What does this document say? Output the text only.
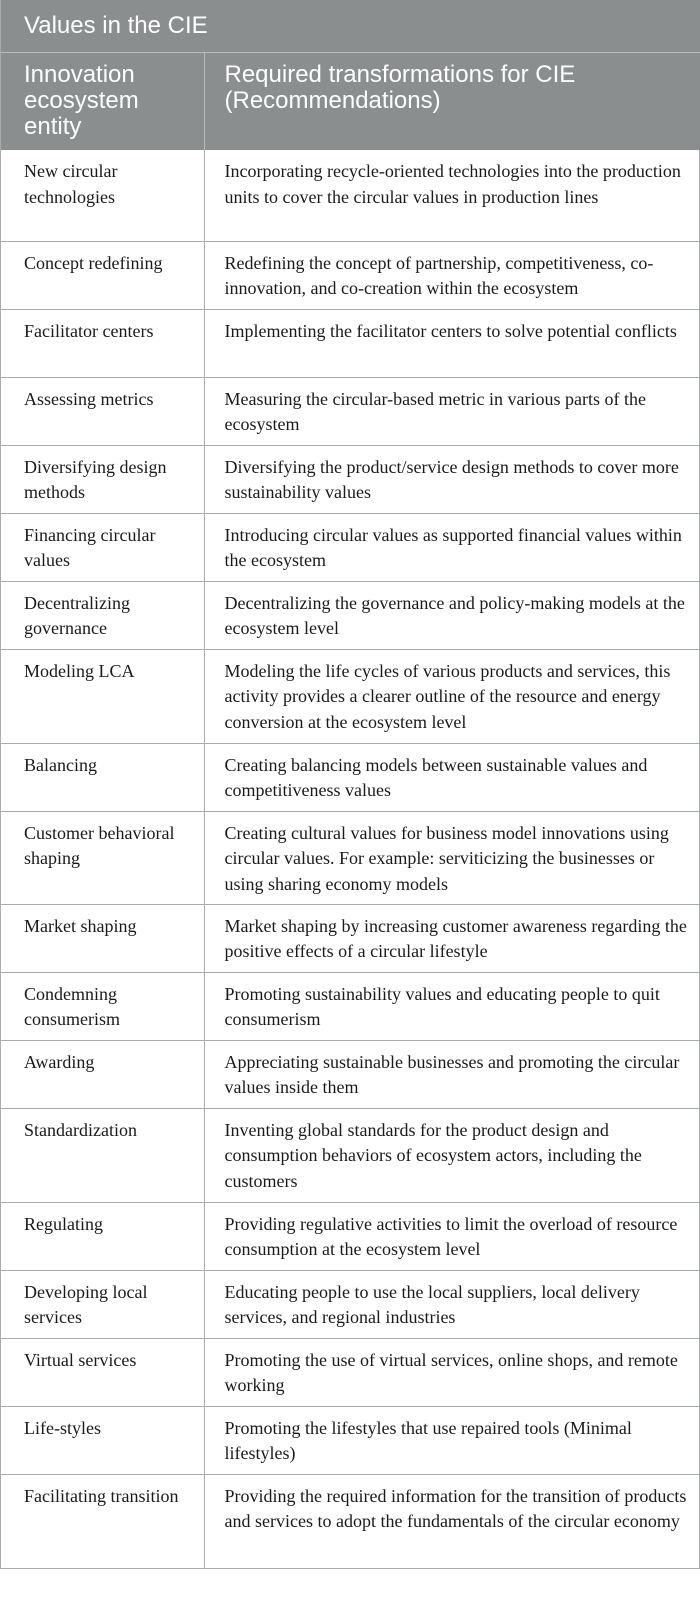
Values in the CIE	
Innovation ecosystem entity	Required transformations for CIE (Recommendations)
New circular technologies	Incorporating recycle-oriented technologies into the production units to cover the circular values in production lines
Concept redefining	Redefining the concept of partnership, competitiveness, co-innovation, and co-creation within the ecosystem
Facilitator centers	Implementing the facilitator centers to solve potential conflicts
Assessing metrics	Measuring the circular-based metric in various parts of the ecosystem
Diversifying design methods	Diversifying the product/service design methods to cover more sustainability values
Financing circular values	Introducing circular values as supported financial values within the ecosystem
Decentralizing governance	Decentralizing the governance and policy-making models at the ecosystem level
Modeling LCA	Modeling the life cycles of various products and services, this activity provides a clearer outline of the resource and energy conversion at the ecosystem level
Balancing	Creating balancing models between sustainable values and competitiveness values
Customer behavioral shaping	Creating cultural values for business model innovations using circular values. For example: serviticizing the businesses or using sharing economy models
Market shaping	Market shaping by increasing customer awareness regarding the positive effects of a circular lifestyle
Condemning consumerism	Promoting sustainability values and educating people to quit consumerism
Awarding	Appreciating sustainable businesses and promoting the circular values inside them
Standardization	Inventing global standards for the product design and consumption behaviors of ecosystem actors, including the customers
Regulating	Providing regulative activities to limit the overload of resource consumption at the ecosystem level
Developing local services	Educating people to use the local suppliers, local delivery services, and regional industries
Virtual services	Promoting the use of virtual services, online shops, and remote working
Life-styles	Promoting the lifestyles that use repaired tools (Minimal lifestyles)
Facilitating transition	Providing the required information for the transition of products and services to adopt the fundamentals of the circular economy
